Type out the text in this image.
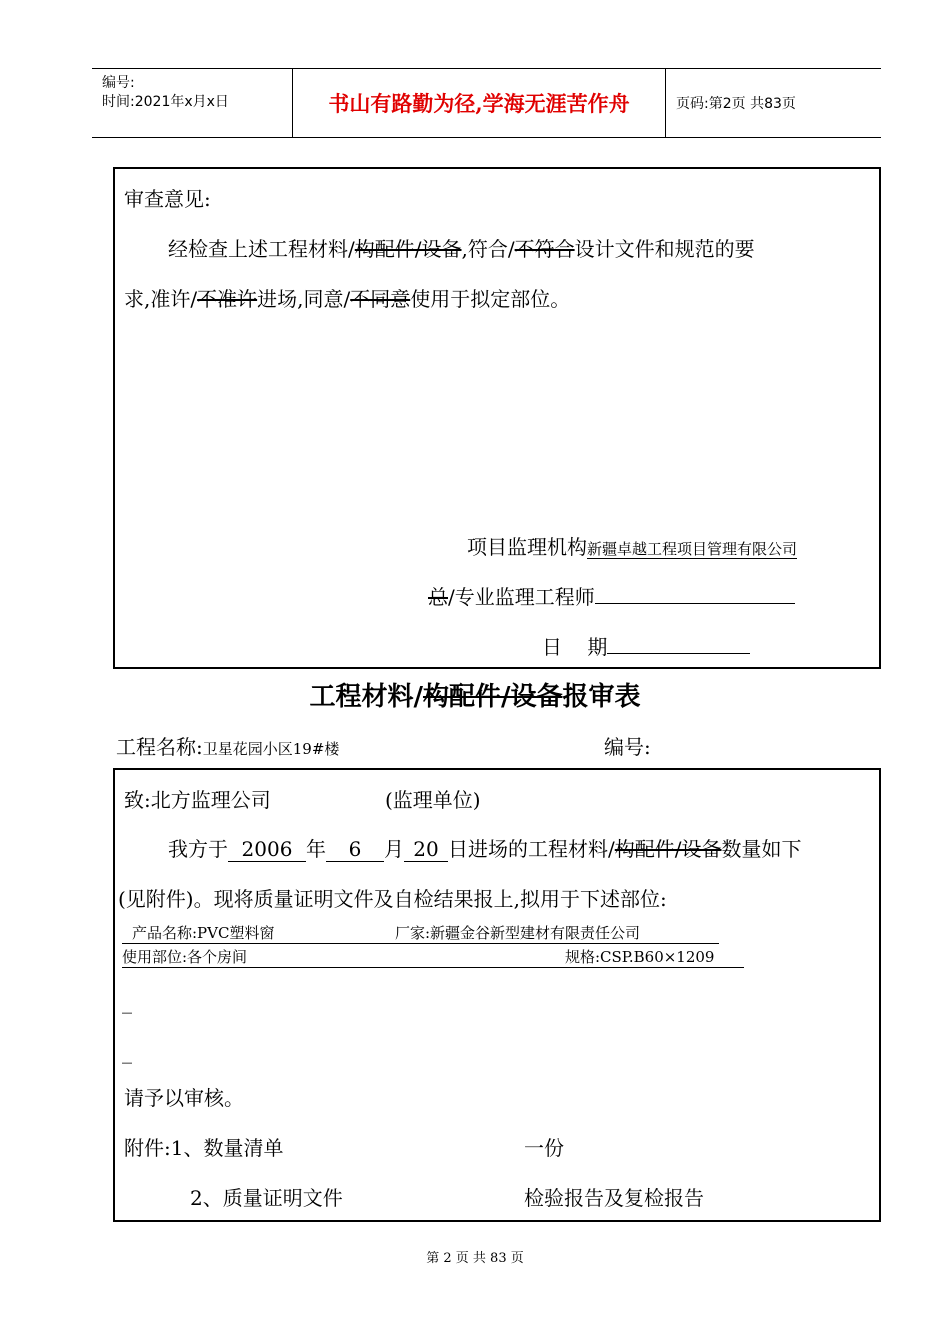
编号:
时间:2021年x月x日	书山有路勤为径,学海无涯苦作舟	页码:第2页 共83页
审查意见:
经检查上述工程材料/构配件/设备,符合/不符合设计文件和规范的要
求,准许/不准许进场,同意/不同意使用于拟定部位。
项目监理机构新疆卓越工程项目管理有限公司
总/专业监理工程师
日    期
工程材料/构配件/设备报审表
工程名称:卫星花园小区19#楼	编号:
致:北方监理公司	(监理单位)
我方于 2006 年 6 月 20 日进场的工程材料/构配件/设备数量如下
(见附件)。现将质量证明文件及自检结果报上,拟用于下述部位:
产品名称:PVC塑料窗	厂家:新疆金谷新型建材有限责任公司
使用部位:各个房间	规格:CSP.B60×1209
_
_
请予以审核。
附件:1、数量清单	一份
2、质量证明文件	检验报告及复检报告
第 2 页 共 83 页
